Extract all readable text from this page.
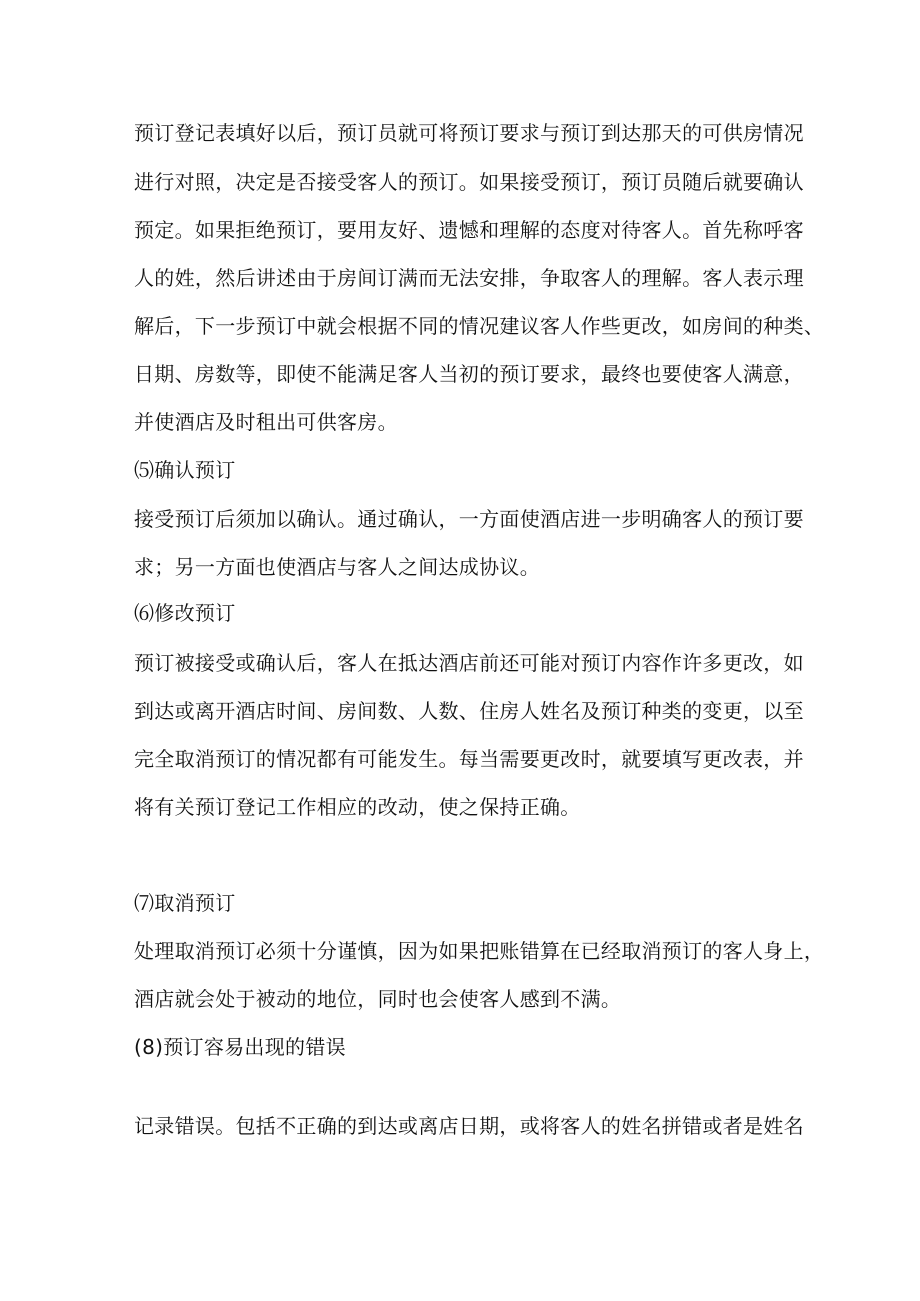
预订登记表填好以后，预订员就可将预订要求与预订到达那天的可供房情况
进行对照，决定是否接受客人的预订。如果接受预订，预订员随后就要确认
预定。如果拒绝预订，要用友好、遗憾和理解的态度对待客人。首先称呼客
人的姓，然后讲述由于房间订满而无法安排，争取客人的理解。客人表示理
解后，下一步预订中就会根据不同的情况建议客人作些更改，如房间的种类、
日期、房数等，即使不能满足客人当初的预订要求，最终也要使客人满意，
并使酒店及时租出可供客房。
⑸确认预订
接受预订后须加以确认。通过确认，一方面使酒店进一步明确客人的预订要
求；另一方面也使酒店与客人之间达成协议。
⑹修改预订
预订被接受或确认后，客人在抵达酒店前还可能对预订内容作许多更改，如
到达或离开酒店时间、房间数、人数、住房人姓名及预订种类的变更，以至
完全取消预订的情况都有可能发生。每当需要更改时，就要填写更改表，并
将有关预订登记工作相应的改动，使之保持正确。
⑺取消预订
处理取消预订必须十分谨慎，因为如果把账错算在已经取消预订的客人身上，
酒店就会处于被动的地位，同时也会使客人感到不满。
(8)预订容易出现的错误
记录错误。包括不正确的到达或离店日期，或将客人的姓名拼错或者是姓名
